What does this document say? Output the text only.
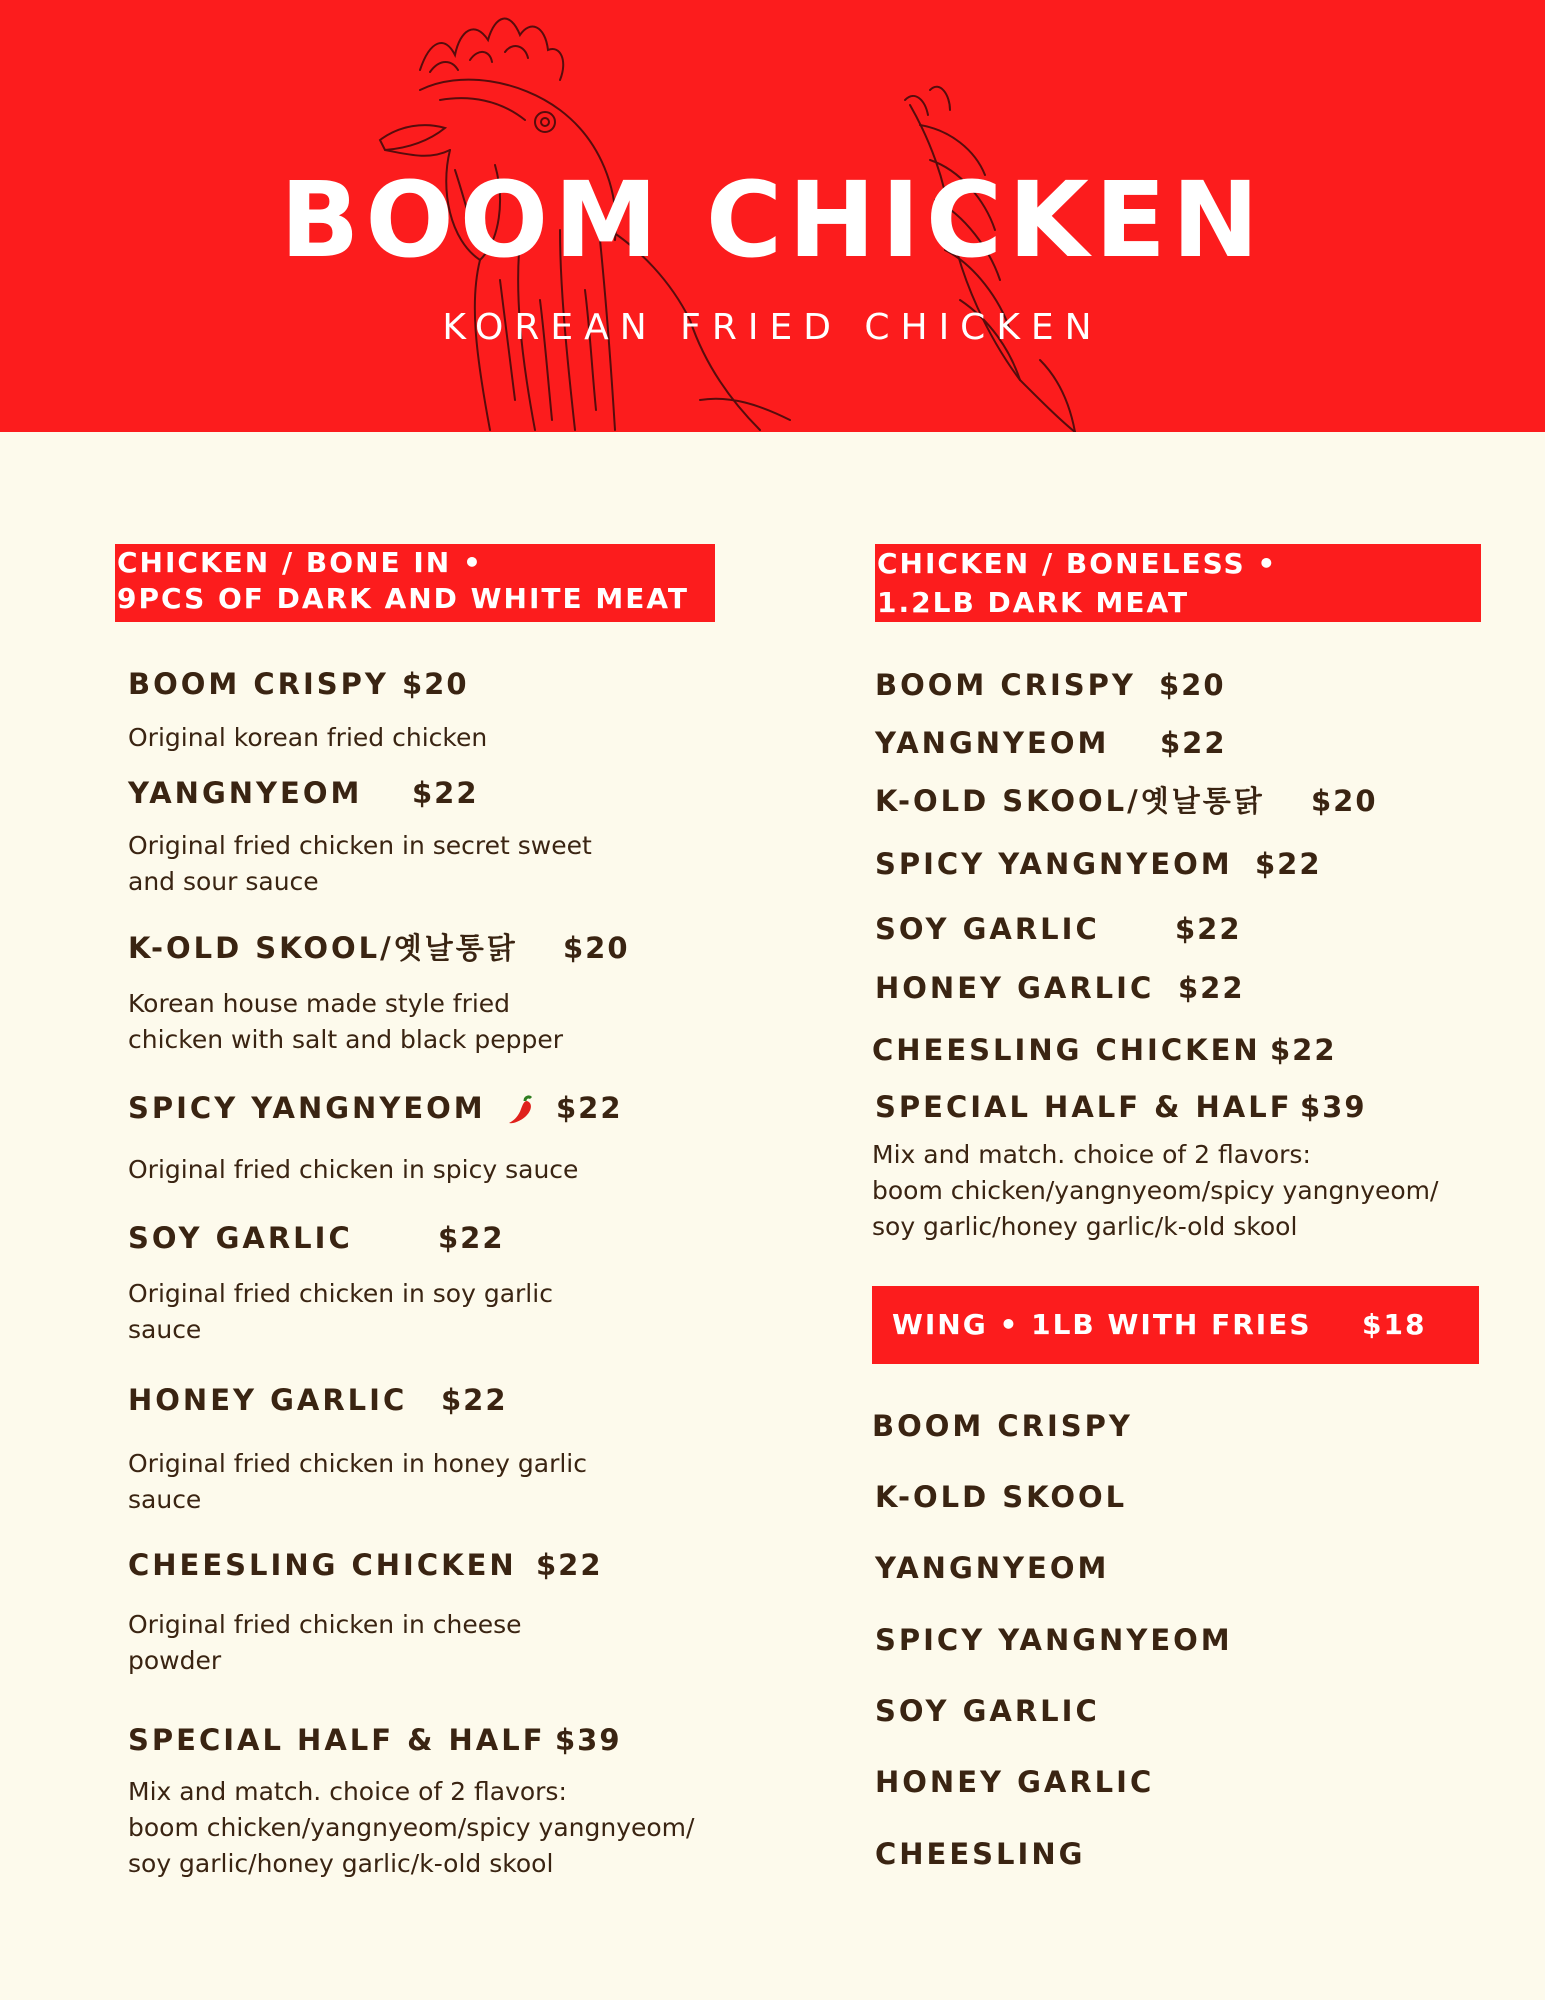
BOOM CHICKEN

KOREAN FRIED CHICKEN

CHICKEN / BONE IN •
9PCS OF DARK AND WHITE MEAT
BOOM CRISPY $20
Original korean fried chicken
YANGNYEOM $22
Original fried chicken in secret sweet
and sour sauce
K-OLD SKOOL/옛날통닭 $20
Korean house made style fried
chicken with salt and black pepper
SPICY YANGNYEOM	$22
Original fried chicken in spicy sauce
SOY GARLIC	$22
Original fried chicken in soy garlic
sauce
HONEY GARLIC $22
Original fried chicken in honey garlic
sauce
CHEESLING CHICKEN $22
Original fried chicken in cheese
powder
SPECIAL HALF & HALF $39
Mix and match. choice of 2 flavors:
boom chicken/yangnyeom/spicy yangnyeom/
soy garlic/honey garlic/k-old skool
CHICKEN / BONELESS •
1.2LB DARK MEAT
BOOM CRISPY $20
YANGNYEOM $22
K-OLD SKOOL/옛날통닭 $20
SPICY YANGNYEOM $22
SOY GARLIC	$22
HONEY GARLIC $22
CHEESLING CHICKEN $22
SPECIAL HALF & HALF $39
Mix and match. choice of 2 flavors:
boom chicken/yangnyeom/spicy yangnyeom/
soy garlic/honey garlic/k-old skool
WING • 1LB WITH FRIES $18
BOOM CRISPY
K-OLD SKOOL
YANGNYEOM
SPICY YANGNYEOM
SOY GARLIC
HONEY GARLIC
CHEESLING
